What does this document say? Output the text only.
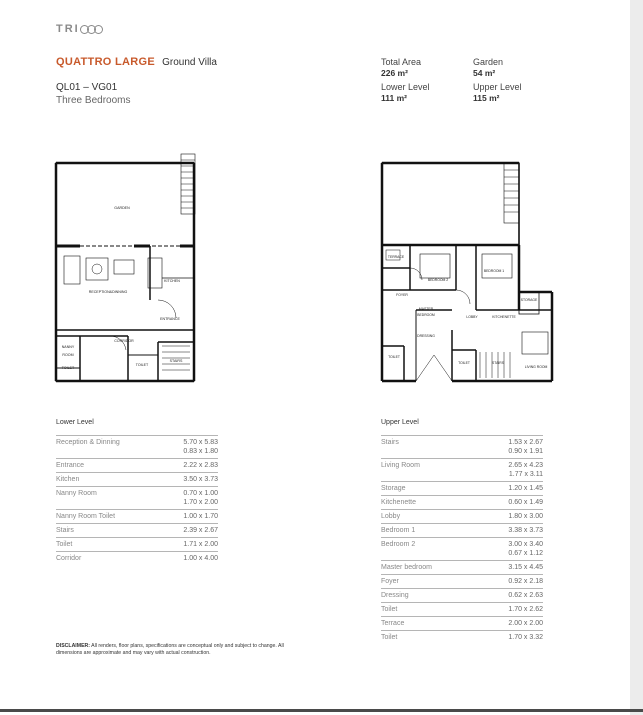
TRI
QUATTRO LARGE Ground Villa
QL01 – VG01
Three Bedrooms
Total Area
226 m²
Garden
54 m²
Lower Level
111 m²
Upper Level
115 m²
GARDEN
KITCHEN
RECEPTION&DINNING
ENTRANCE
CORRIDOR
NANNY
ROOM
TOILET
TOILET
STAIRS
TERRACE
BEDROOM 2
BEDROOM 1
FOYER
MASTER
BEDROOM
DRESSING
LOBBY	KITCHENETTE
STORAGE
TOILET
TOILET	STAIRS
LIVING ROOM
Lower Level
Reception & Dinning	5.70 x 5.83
0.83 x 1.80

Entrance	2.22 x 2.83

Kitchen	3.50 x 3.73

Nanny Room	0.70 x 1.00
1.70 x 2.00

Nanny Room Toilet	1.00 x 1.70

Stairs	2.39 x 2.67

Toilet	1.71 x 2.00

Corridor	1.00 x 4.00
Upper Level
Stairs	1.53 x 2.67
0.90 x 1.91

Living Room	2.65 x 4.23
1.77 x 3.11

Storage	1.20 x 1.45

Kitchenette	0.60 x 1.49

Lobby	1.80 x 3.00

Bedroom 1	3.38 x 3.73

Bedroom 2	3.00 x 3.40
0.67 x 1.12

Master bedroom	3.15 x 4.45

Foyer	0.92 x 2.18

Dressing	0.62 x 2.63

Toilet	1.70 x 2.62

Terrace	2.00 x 2.00

Toilet	1.70 x 3.32
DISCLAIMER: All renders, floor plans, specifications are conceptual only and subject to change. All dimensions are approximate and may vary with actual construction.
